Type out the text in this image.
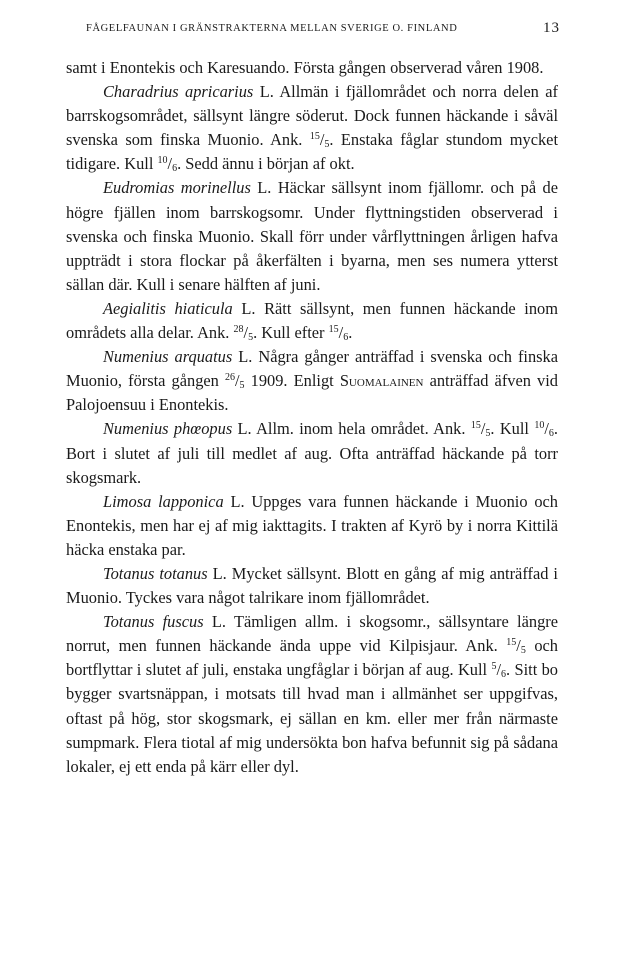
FÅGELFAUNAN I GRÄNSTRAKTERNA MELLAN SVERIGE O. FINLAND	13

samt i Enontekis och Karesuando. Första gången observerad våren 1908.

Charadrius apricarius L. Allmän i fjällområdet och norra delen af barrskogsområdet, sällsynt längre söderut. Dock funnen häckande i såväl svenska som finska Muonio. Ank. $^{15}/_5$. Enstaka fåglar stundom mycket tidigare. Kull $^{10}/_6$. Sedd ännu i början af okt.

Eudromias morinellus L. Häckar sällsynt inom fjällomr. och på de högre fjällen inom barrskogsomr. Under flyttningstiden observerad i svenska och finska Muonio. Skall förr under vårflyttningen årligen hafva uppträdt i stora flockar på åkerfälten i byarna, men ses numera ytterst sällan där. Kull i senare hälften af juni.

Aegialitis hiaticula L. Rätt sällsynt, men funnen häckande inom områdets alla delar. Ank. $^{28}/_5$. Kull efter $^{15}/_6$.

Numenius arquatus L. Några gånger anträffad i svenska och finska Muonio, första gången $^{26}/_5$ 1909. Enligt Suomalainen anträffad äfven vid Palojoensuu i Enontekis.

Numenius phœopus L. Allm. inom hela området. Ank. $^{15}/_5$. Kull $^{10}/_6$. Bort i slutet af juli till medlet af aug. Ofta anträffad häckande på torr skogsmark.

Limosa lapponica L. Uppges vara funnen häckande i Muonio och Enontekis, men har ej af mig iakttagits. I trakten af Kyrö by i norra Kittilä häcka enstaka par.

Totanus totanus L. Mycket sällsynt. Blott en gång af mig anträffad i Muonio. Tyckes vara något talrikare inom fjällområdet.

Totanus fuscus L. Tämligen allm. i skogsomr., sällsyntare längre norrut, men funnen häckande ända uppe vid Kilpisjaur. Ank. $^{15}/_5$ och bortflyttar i slutet af juli, enstaka ungfåglar i början af aug. Kull $^5/_6$. Sitt bo bygger svartsnäppan, i motsats till hvad man i allmänhet ser uppgifvas, oftast på hög, stor skogsmark, ej sällan en km. eller mer från närmaste sumpmark. Flera tiotal af mig undersökta bon hafva befunnit sig på sådana lokaler, ej ett enda på kärr eller dyl.
